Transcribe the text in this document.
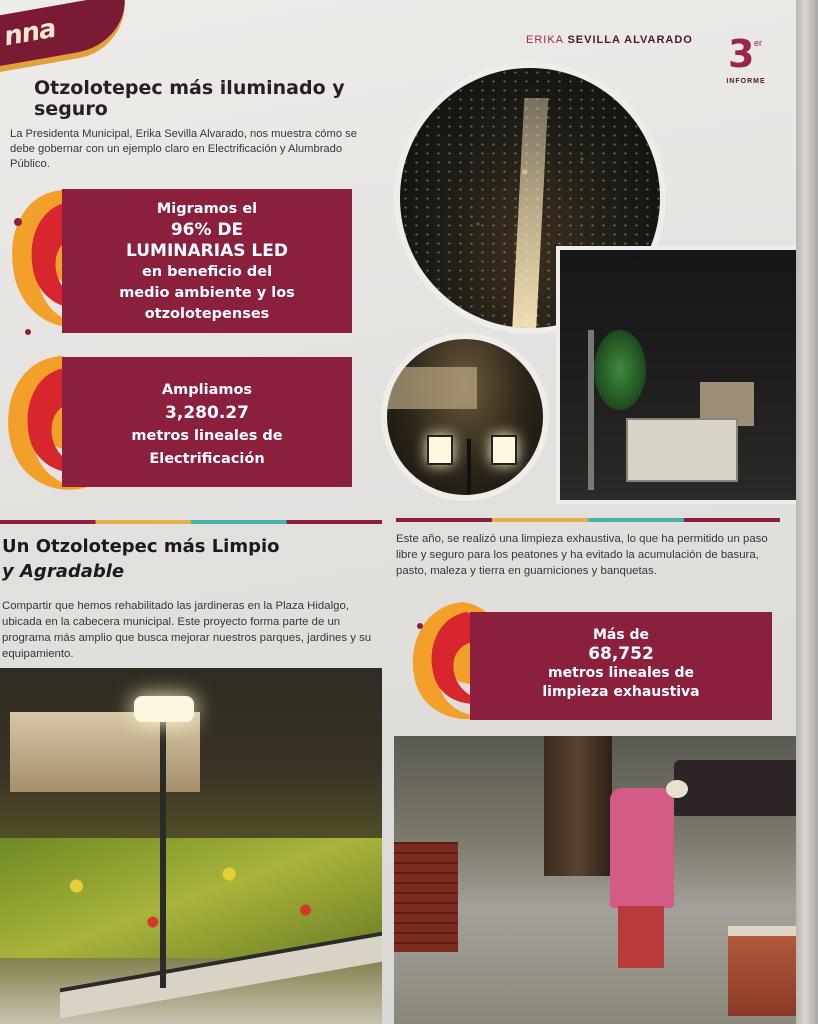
nna	ERIKA SEVILLA ALVARADO 3 er
INFORME
Otzolotepec más iluminado y seguro

La Presidenta Municipal, Erika Sevilla Alvarado, nos muestra cómo se debe gobernar con un ejemplo claro en Electrificación y Alumbrado Público.

Migramos el
96% DE
LUMINARIAS LED
en beneficio del
medio ambiente y los
otzolotepenses
Ampliamos
3,280.27
metros lineales de
Electrificación
Un Otzolotepec más Limpio
y Agradable

Compartir que hemos rehabilitado las jardineras en la Plaza Hidalgo, ubicada en la cabecera municipal. Este proyecto forma parte de un programa más amplio que busca mejorar nuestros parques, jardines y su equipamiento.

Este año, se realizó una limpieza exhaustiva, lo que ha permitido un paso libre y seguro para los peatones y ha evitado la acumulación de basura, pasto, maleza y tierra en guarniciones y banquetas.

Más de
68,752
metros lineales de
limpieza exhaustiva
